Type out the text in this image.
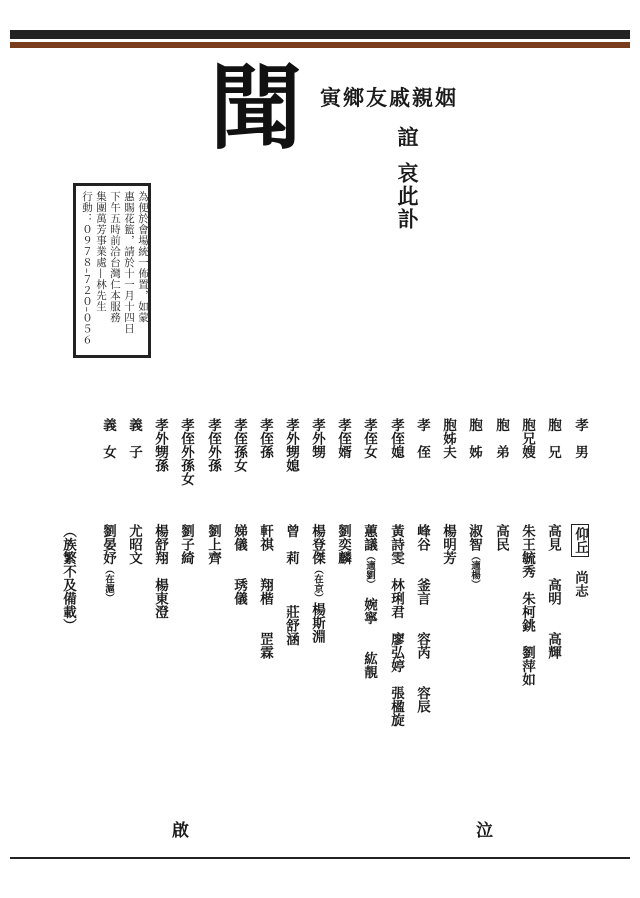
聞 寅鄉友戚親姻
誼
哀此訃
為便於會場統一佈置，如蒙
惠賜花籃，請於十一月十四日
下午五時前洽台灣仁本服務
集團萬芳事業處—林先生
行動：０９７８–７２０–０５６
孝　男
仰丘　尚志
胞　兄
高見　　高明　　高輝
胞兄嫂
朱王毓秀　朱柯銚　劉萍如
胞　弟
高民
胞　姊
淑智（適楊）
胞姊夫
楊明芳
孝　侄
峰谷　　釜言　　容芮　　容辰
孝侄媳
黃詩雯　林琍君　廖弘婷　張楹旋
孝侄女
蕙議（適劉）　婉寧　　紘靚
孝侄婿
劉奕麟
孝外甥
楊登傑（在京）楊斯淵
孝外甥媳
曾　莉　　　莊舒涵
孝侄孫
軒祺　　翔楷　　罡霖
孝侄孫女
娣儀　　琇儀
孝侄外孫
劉上齊
孝侄外孫女
劉子綺
孝外甥孫
楊舒翔　楊東澄
義　子
尤昭文
義　女
劉晏妤（在滬）
（族繁不及備載）
泣
啟
